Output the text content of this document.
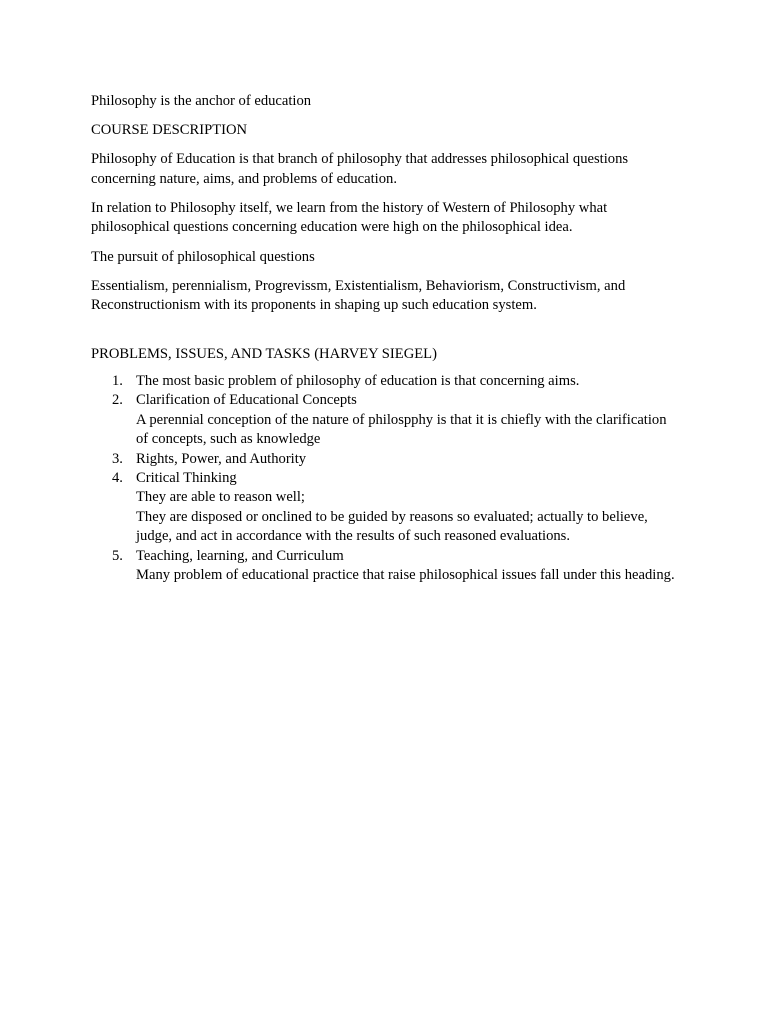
Philosophy is the anchor of education

COURSE DESCRIPTION

Philosophy of Education is that branch of philosophy that addresses philosophical questions concerning nature, aims, and problems of education.

In relation to Philosophy itself, we learn from the history of Western of Philosophy what philosophical questions concerning education were high on the philosophical idea.

The pursuit of philosophical questions

Essentialism, perennialism, Progrevissm, Existentialism, Behaviorism, Constructivism, and Reconstructionism with its proponents in shaping up such education system.

PROBLEMS, ISSUES, AND TASKS (HARVEY SIEGEL)

1. The most basic problem of philosophy of education is that concerning aims.
2. Clarification of Educational Concepts
A perennial conception of the nature of philospphy is that it is chiefly with the clarification of concepts, such as knowledge
3. Rights, Power, and Authority
4. Critical Thinking
They are able to reason well;
They are disposed or onclined to be guided by reasons so evaluated; actually to believe, judge, and act in accordance with the results of such reasoned evaluations.
5. Teaching, learning, and Curriculum
Many problem of educational practice that raise philosophical issues fall under this heading.
